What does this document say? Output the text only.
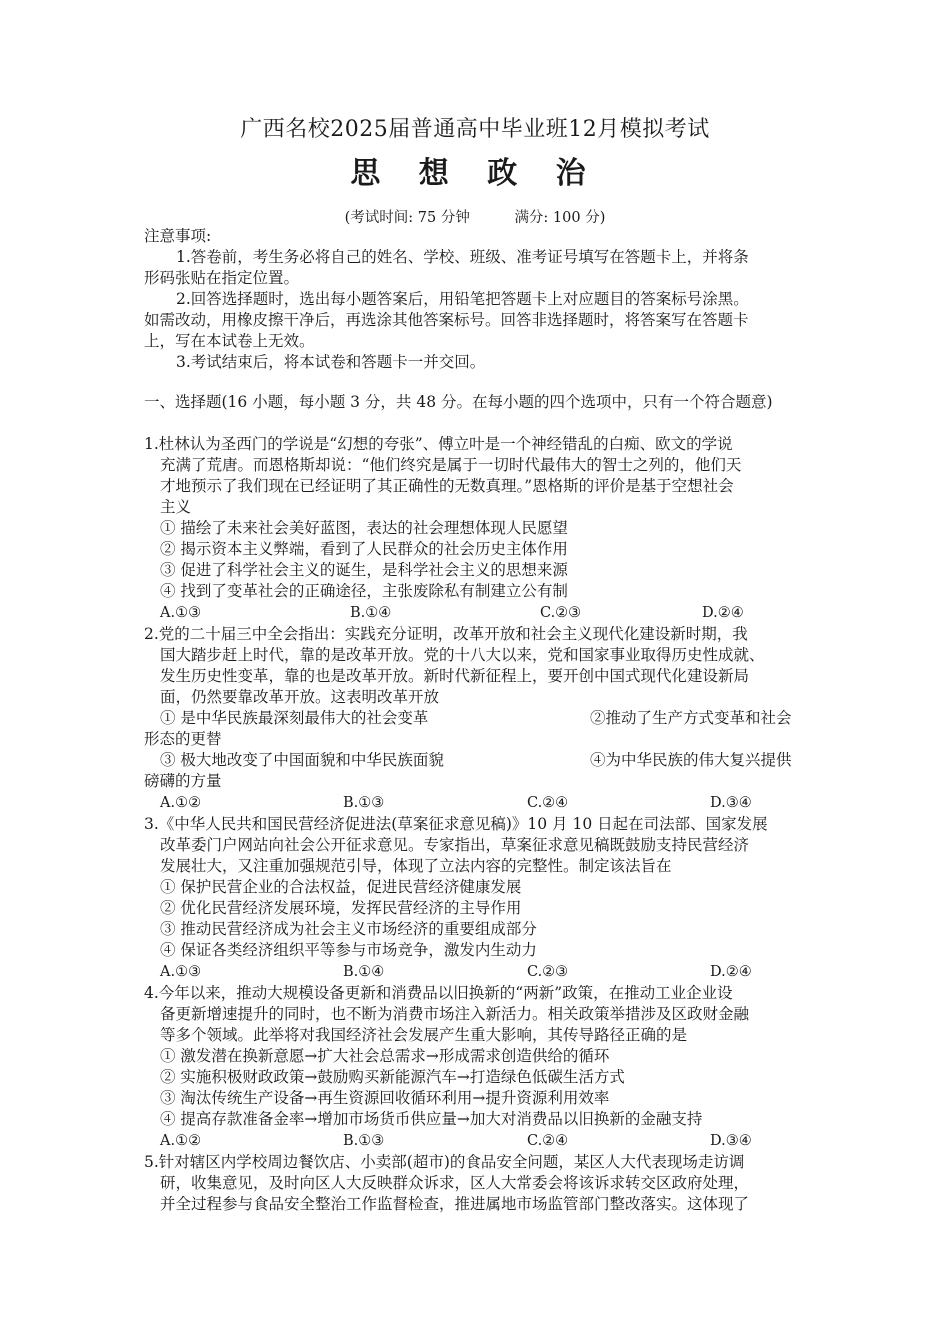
广西名校2025届普通高中毕业班12月模拟考试
思 想 政 治
(考试时间: 75 分钟	满分: 100 分)
注意事项:
1.答卷前，考生务必将自己的姓名、学校、班级、准考证号填写在答题卡上，并将条
形码张贴在指定位置。
2.回答选择题时，选出每小题答案后，用铅笔把答题卡上对应题目的答案标号涂黑。
如需改动，用橡皮擦干净后，再选涂其他答案标号。回答非选择题时，将答案写在答题卡
上，写在本试卷上无效。
3.考试结束后，将本试卷和答题卡一并交回。
一、选择题(16 小题，每小题 3 分，共 48 分。在每小题的四个选项中，只有一个符合题意)
1.杜林认为圣西门的学说是“幻想的夸张”、傅立叶是一个神经错乱的白痴、欧文的学说
充满了荒唐。而恩格斯却说：“他们终究是属于一切时代最伟大的智士之列的，他们天
才地预示了我们现在已经证明了其正确性的无数真理。”恩格斯的评价是基于空想社会
主义
① 描绘了未来社会美好蓝图，表达的社会理想体现人民愿望
② 揭示资本主义弊端，看到了人民群众的社会历史主体作用
③ 促进了科学社会主义的诞生，是科学社会主义的思想来源
④ 找到了变革社会的正确途径，主张废除私有制建立公有制
A.①③	B.①④	C.②③	D.②④
2.党的二十届三中全会指出：实践充分证明，改革开放和社会主义现代化建设新时期，我
国大踏步赶上时代，靠的是改革开放。党的十八大以来，党和国家事业取得历史性成就、
发生历史性变革，靠的也是改革开放。新时代新征程上，要开创中国式现代化建设新局
面，仍然要靠改革开放。这表明改革开放
① 是中华民族最深刻最伟大的社会变革	②推动了生产方式变革和社会
形态的更替
③ 极大地改变了中国面貌和中华民族面貌	④为中华民族的伟大复兴提供
磅礴的方量
A.①②	B.①③	C.②④	D.③④
3.《中华人民共和国民营经济促进法(草案征求意见稿)》10 月 10 日起在司法部、国家发展
改革委门户网站向社会公开征求意见。专家指出，草案征求意见稿既鼓励支持民营经济
发展壮大，又注重加强规范引导，体现了立法内容的完整性。制定该法旨在
① 保护民营企业的合法权益，促进民营经济健康发展
② 优化民营经济发展环境，发挥民营经济的主导作用
③ 推动民营经济成为社会主义市场经济的重要组成部分
④ 保证各类经济组织平等参与市场竞争，激发内生动力
A.①③	B.①④	C.②③	D.②④
4.今年以来，推动大规模设备更新和消费品以旧换新的“两新”政策，在推动工业企业设
备更新增速提升的同时，也不断为消费市场注入新活力。相关政策举措涉及区政财金融
等多个领域。此举将对我国经济社会发展产生重大影响，其传导路径正确的是
① 激发潜在换新意愿→扩大社会总需求→形成需求创造供给的循环
② 实施积极财政政策→鼓励购买新能源汽车→打造绿色低碳生活方式
③ 淘汰传统生产设备→再生资源回收循环利用→提升资源利用效率
④ 提高存款准备金率→增加市场货币供应量→加大对消费品以旧换新的金融支持
A.①②	B.①③	C.②④	D.③④
5.针对辖区内学校周边餐饮店、小卖部(超市)的食品安全问题，某区人大代表现场走访调
研，收集意见，及时向区人大反映群众诉求，区人大常委会将该诉求转交区政府处理，
并全过程参与食品安全整治工作监督检查，推进属地市场监管部门整改落实。这体现了
